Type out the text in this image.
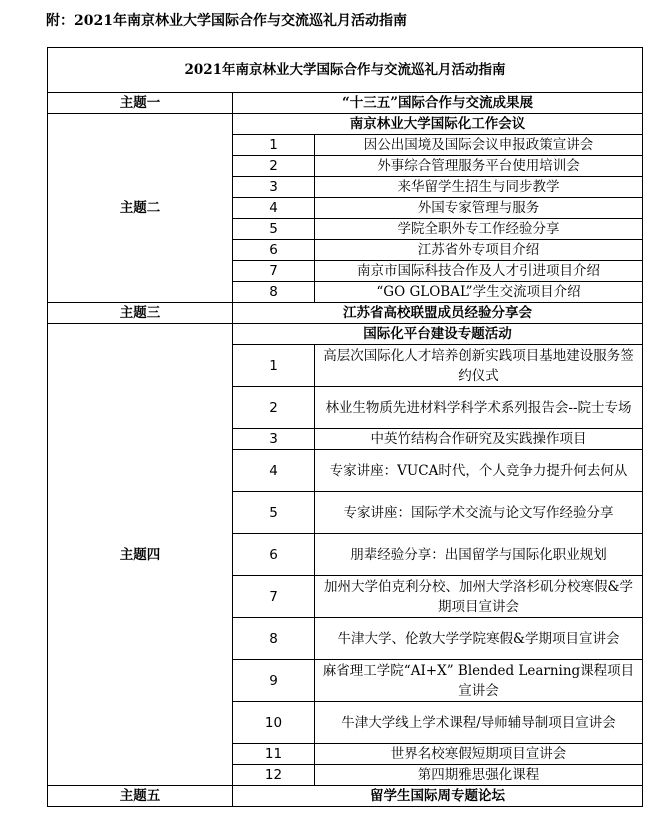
附：2021年南京林业大学国际合作与交流巡礼月活动指南
2021年南京林业大学国际合作与交流巡礼月活动指南		
主题一	“十三五”国际合作与交流成果展	
主题二	南京林业大学国际化工作会议	
	1	因公出国境及国际会议申报政策宣讲会
	2	外事综合管理服务平台使用培训会
	3	来华留学生招生与同步教学
	4	外国专家管理与服务
	5	学院全职外专工作经验分享
	6	江苏省外专项目介绍
	7	南京市国际科技合作及人才引进项目介绍
	8	“GO GLOBAL”学生交流项目介绍
主题三	江苏省高校联盟成员经验分享会	
主题四	国际化平台建设专题活动	
	1	高层次国际化人才培养创新实践项目基地建设服务签约仪式
	2	林业生物质先进材料学科学术系列报告会--院士专场
	3	中英竹结构合作研究及实践操作项目
	4	专家讲座：VUCA时代，个人竞争力提升何去何从
	5	专家讲座：国际学术交流与论文写作经验分享
	6	朋辈经验分享：出国留学与国际化职业规划
	7	加州大学伯克利分校、加州大学洛杉矶分校寒假&学期项目宣讲会
	8	牛津大学、伦敦大学学院寒假&学期项目宣讲会
	9	麻省理工学院“AI+X” Blended Learning课程项目宣讲会
	10	牛津大学线上学术课程/导师辅导制项目宣讲会
	11	世界名校寒假短期项目宣讲会
	12	第四期雅思强化课程
主题五	留学生国际周专题论坛	
